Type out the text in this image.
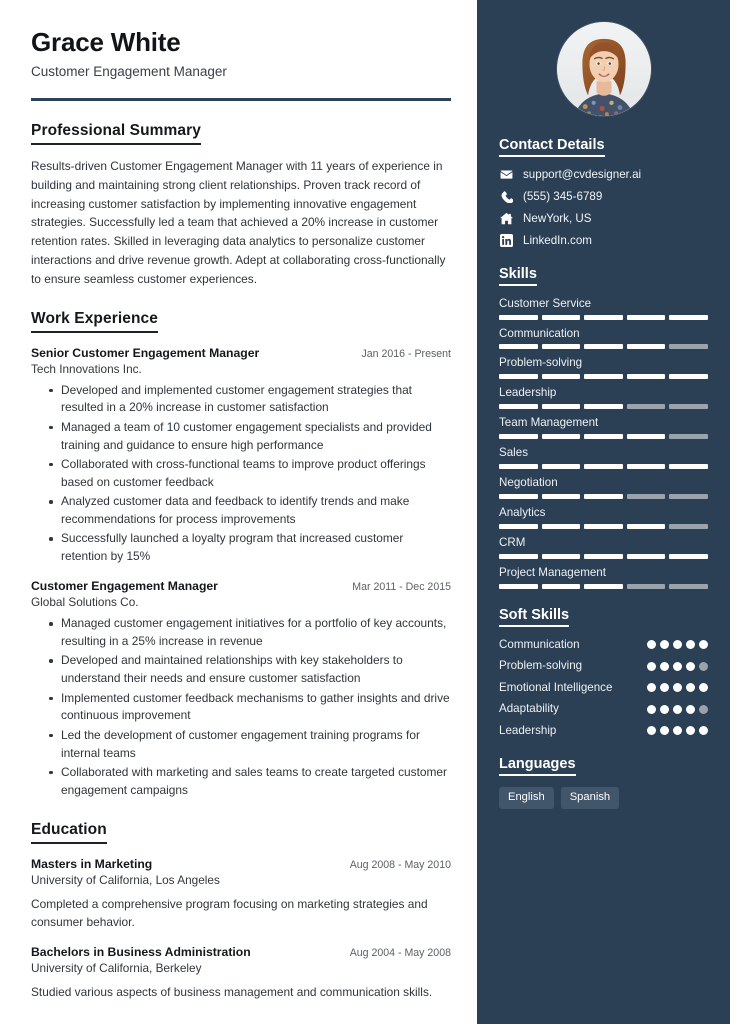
Grace White
Customer Engagement Manager
Professional Summary
Results-driven Customer Engagement Manager with 11 years of experience in building and maintaining strong client relationships. Proven track record of increasing customer satisfaction by implementing innovative engagement strategies. Successfully led a team that achieved a 20% increase in customer retention rates. Skilled in leveraging data analytics to personalize customer interactions and drive revenue growth. Adept at collaborating cross-functionally to ensure seamless customer experiences.
Work Experience
Senior Customer Engagement Manager	Jan 2016 - Present
Tech Innovations Inc.
Developed and implemented customer engagement strategies that resulted in a 20% increase in customer satisfaction
Managed a team of 10 customer engagement specialists and provided training and guidance to ensure high performance
Collaborated with cross-functional teams to improve product offerings based on customer feedback
Analyzed customer data and feedback to identify trends and make recommendations for process improvements
Successfully launched a loyalty program that increased customer retention by 15%
Customer Engagement Manager	Mar 2011 - Dec 2015
Global Solutions Co.
Managed customer engagement initiatives for a portfolio of key accounts, resulting in a 25% increase in revenue
Developed and maintained relationships with key stakeholders to understand their needs and ensure customer satisfaction
Implemented customer feedback mechanisms to gather insights and drive continuous improvement
Led the development of customer engagement training programs for internal teams
Collaborated with marketing and sales teams to create targeted customer engagement campaigns
Education
Masters in Marketing	Aug 2008 - May 2010
University of California, Los Angeles
Completed a comprehensive program focusing on marketing strategies and consumer behavior.
Bachelors in Business Administration	Aug 2004 - May 2008
University of California, Berkeley
Studied various aspects of business management and communication skills.
Contact Details
support@cvdesigner.ai
(555) 345-6789
NewYork, US
LinkedIn.com
Skills
Customer Service
Communication
Problem-solving
Leadership
Team Management
Sales
Negotiation
Analytics
CRM
Project Management
Soft Skills
Communication
Problem-solving
Emotional Intelligence
Adaptability
Leadership
Languages
English	Spanish
